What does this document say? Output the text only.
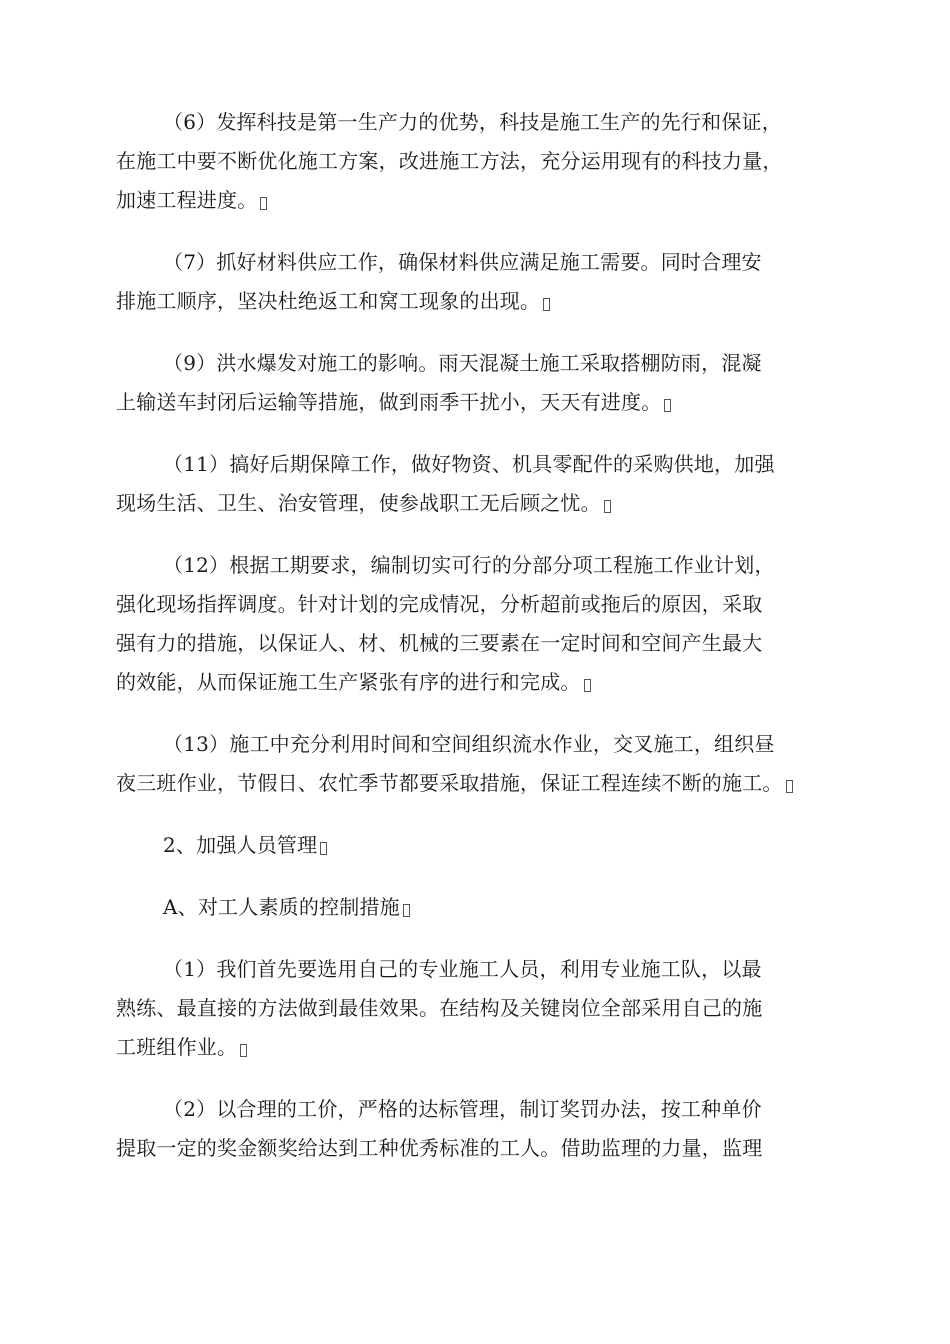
（6）发挥科技是第一生产力的优势，科技是施工生产的先行和保证，
在施工中要不断优化施工方案，改进施工方法，充分运用现有的科技力量，
加速工程进度。

（7）抓好材料供应工作，确保材料供应满足施工需要。同时合理安
排施工顺序，坚决杜绝返工和窝工现象的出现。

（9）洪水爆发对施工的影响。雨天混凝土施工采取搭棚防雨，混凝
上输送车封闭后运输等措施，做到雨季干扰小，天天有进度。

（11）搞好后期保障工作，做好物资、机具零配件的采购供地，加强
现场生活、卫生、治安管理，使参战职工无后顾之忧。

（12）根据工期要求，编制切实可行的分部分项工程施工作业计划，
强化现场指挥调度。针对计划的完成情况，分析超前或拖后的原因，采取
强有力的措施，以保证人、材、机械的三要素在一定时间和空间产生最大
的效能，从而保证施工生产紧张有序的进行和完成。

（13）施工中充分利用时间和空间组织流水作业，交叉施工，组织昼
夜三班作业，节假日、农忙季节都要采取措施，保证工程连续不断的施工。

2、加强人员管理

A、对工人素质的控制措施

（1）我们首先要选用自己的专业施工人员，利用专业施工队，以最
熟练、最直接的方法做到最佳效果。在结构及关键岗位全部采用自己的施
工班组作业。

（2）以合理的工价，严格的达标管理，制订奖罚办法，按工种单价
提取一定的奖金额奖给达到工种优秀标准的工人。借助监理的力量，监理
